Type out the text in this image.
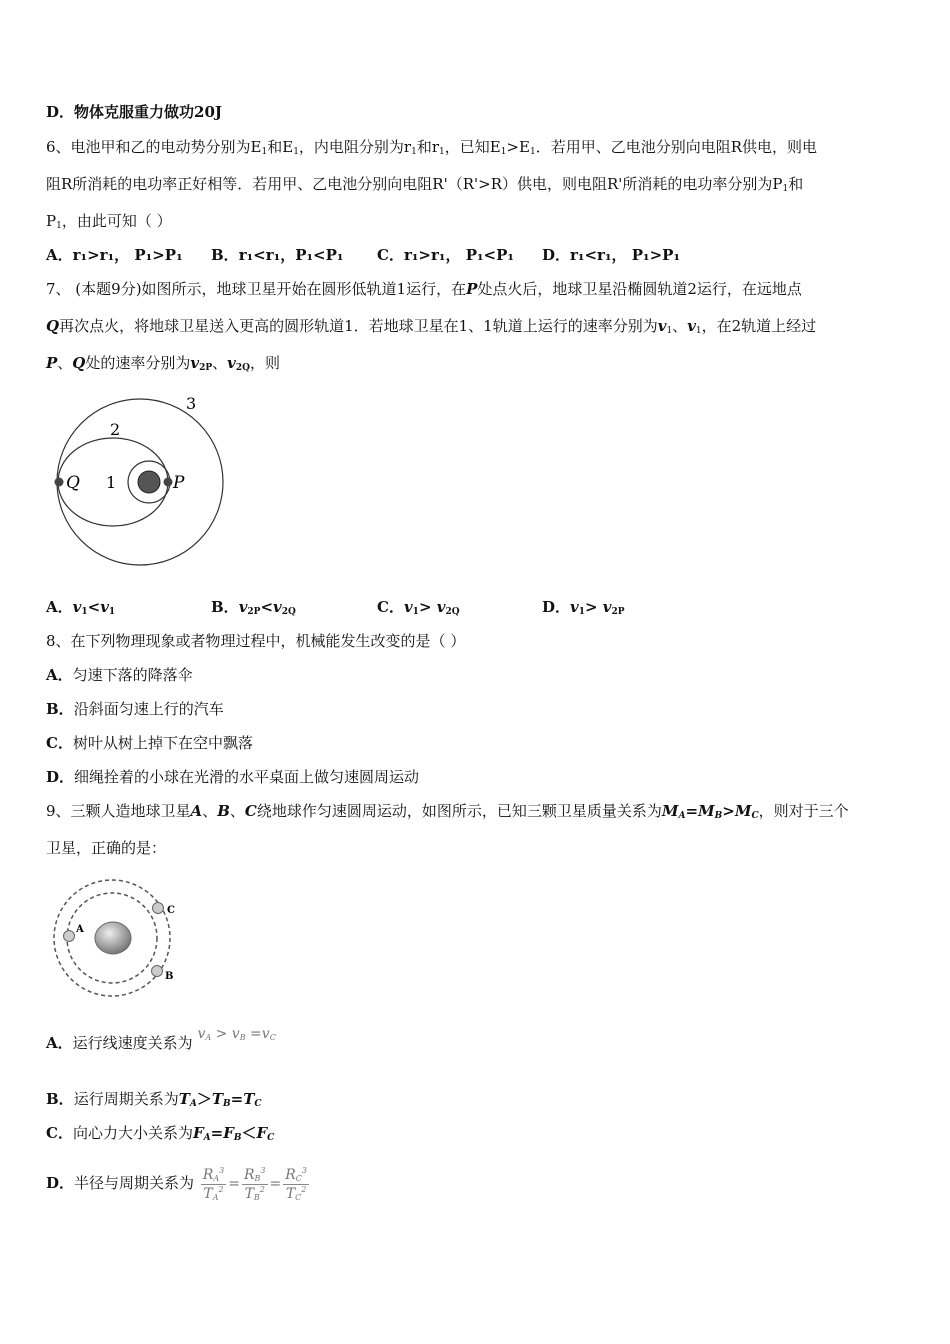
D．物体克服重力做功20J
6、电池甲和乙的电动势分别为$E_1$和$E_1$，内电阻分别为$r_1$和$r_1$，已知$E_1>E_1$．若用甲、乙电池分别向电阻R供电，则电
阻R所消耗的电功率正好相等．若用甲、乙电池分别向电阻R'（R'>R）供电，则电阻R'所消耗的电功率分别为$P_1$和
$P_1$，由此可知（ ）
A．r₁>r₁， P₁>P₁ B．r₁<r₁，P₁<P₁ C．r₁>r₁， P₁<P₁ D．r₁<r₁， P₁>P₁
7、 (本题9分)如图所示，地球卫星开始在圆形低轨道1运行，在P处点火后，地球卫星沿椭圆轨道2运行，在远地点
Q再次点火，将地球卫星送入更高的圆形轨道1．若地球卫星在1、1轨道上运行的速率分别为$v_1$、$v_1$，在2轨道上经过
P、Q处的速率分别为$v_{2P}$、$v_{2Q}$，则
Q	P
1
2
3
A．$v_1<v_1$	B．$v_{2P}<v_{2Q}$	C．$v_1> v_{2Q}$	D．$v_1> v_{2P}$
8、在下列物理现象或者物理过程中，机械能发生改变的是（ ）
A．匀速下落的降落伞
B．沿斜面匀速上行的汽车
C．树叶从树上掉下在空中飘落
D．细绳拴着的小球在光滑的水平桌面上做匀速圆周运动
9、三颗人造地球卫星A、B、C绕地球作匀速圆周运动，如图所示，已知三颗卫星质量关系为$M_A=M_B>M_C$，则对于三个
卫星，正确的是：
A
C
B
A．运行线速度关系为 $v_A > v_B =v_C$
B．运行周期关系为$T_A>T_B=T_C$
C．向心力大小关系为$F_A=F_B<F_C$
D．半径与周期关系为 $\frac{R_A^3}{T_A^2} = \frac{R_B^3}{T_B^2} = \frac{R_C^3}{T_C^2}$
